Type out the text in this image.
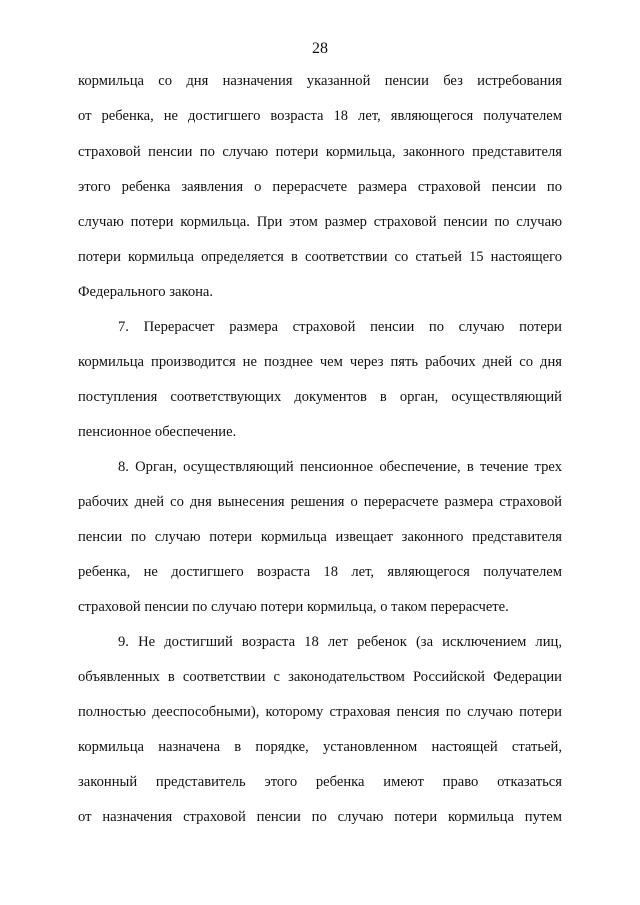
28
кормильца со дня назначения указанной пенсии без истребования
от ребенка, не достигшего возраста 18 лет, являющегося получателем
страховой пенсии по случаю потери кормильца, законного представителя
этого ребенка заявления о перерасчете размера страховой пенсии по
случаю потери кормильца. При этом размер страховой пенсии по случаю
потери кормильца определяется в соответствии со статьей 15 настоящего
Федерального закона.
7. Перерасчет размера страховой пенсии по случаю потери
кормильца производится не позднее чем через пять рабочих дней со дня
поступления соответствующих документов в орган, осуществляющий
пенсионное обеспечение.
8. Орган, осуществляющий пенсионное обеспечение, в течение трех
рабочих дней со дня вынесения решения о перерасчете размера страховой
пенсии по случаю потери кормильца извещает законного представителя
ребенка, не достигшего возраста 18 лет, являющегося получателем
страховой пенсии по случаю потери кормильца, о таком перерасчете.
9. Не достигший возраста 18 лет ребенок (за исключением лиц,
объявленных в соответствии с законодательством Российской Федерации
полностью дееспособными), которому страховая пенсия по случаю потери
кормильца назначена в порядке, установленном настоящей статьей,
законный представитель этого ребенка имеют право отказаться
от назначения страховой пенсии по случаю потери кормильца путем
